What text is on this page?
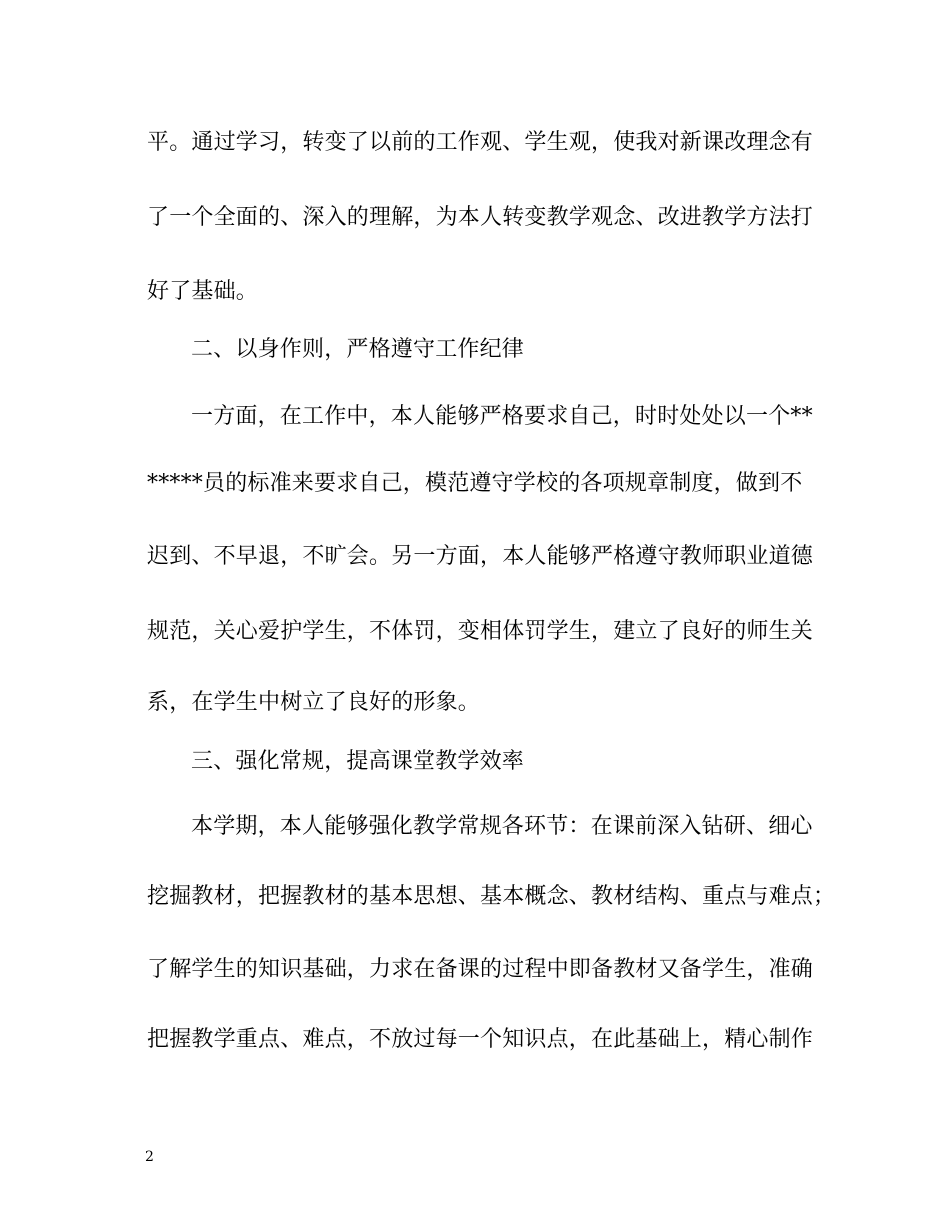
平。通过学习，转变了以前的工作观、学生观，使我对新课改理念有
了一个全面的、深入的理解，为本人转变教学观念、改进教学方法打
好了基础。
二、以身作则，严格遵守工作纪律
一方面，在工作中，本人能够严格要求自己，时时处处以一个**
*****员的标准来要求自己，模范遵守学校的各项规章制度，做到不
迟到、不早退，不旷会。另一方面，本人能够严格遵守教师职业道德
规范，关心爱护学生，不体罚，变相体罚学生，建立了良好的师生关
系，在学生中树立了良好的形象。
三、强化常规，提高课堂教学效率
本学期，本人能够强化教学常规各环节：在课前深入钻研、细心
挖掘教材，把握教材的基本思想、基本概念、教材结构、重点与难点；
了解学生的知识基础，力求在备课的过程中即备教材又备学生，准确
把握教学重点、难点，不放过每一个知识点，在此基础上，精心制作
2
